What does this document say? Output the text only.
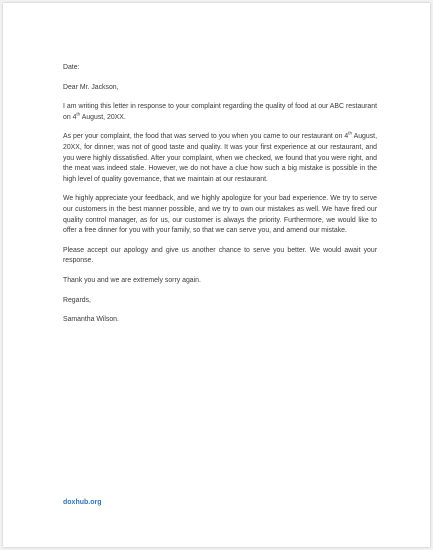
Date:

Dear Mr. Jackson,

I am writing this letter in response to your complaint regarding the quality of food at our ABC restaurant on 4th August, 20XX.

As per your complaint, the food that was served to you when you came to our restaurant on 4th August, 20XX, for dinner, was not of good taste and quality. It was your first experience at our restaurant, and you were highly dissatisfied. After your complaint, when we checked, we found that you were right, and the meat was indeed stale. However, we do not have a clue how such a big mistake is possible in the high level of quality governance, that we maintain at our restaurant.

We highly appreciate your feedback, and we highly apologize for your bad experience. We try to serve our customers in the best manner possible, and we try to own our mistakes as well. We have fired our quality control manager, as for us, our customer is always the priority. Furthermore, we would like to offer a free dinner for you with your family, so that we can serve you, and amend our mistake.

Please accept our apology and give us another chance to serve you better. We would await your response.

Thank you and we are extremely sorry again.

Regards,

Samantha Wilson.

doxhub.org
